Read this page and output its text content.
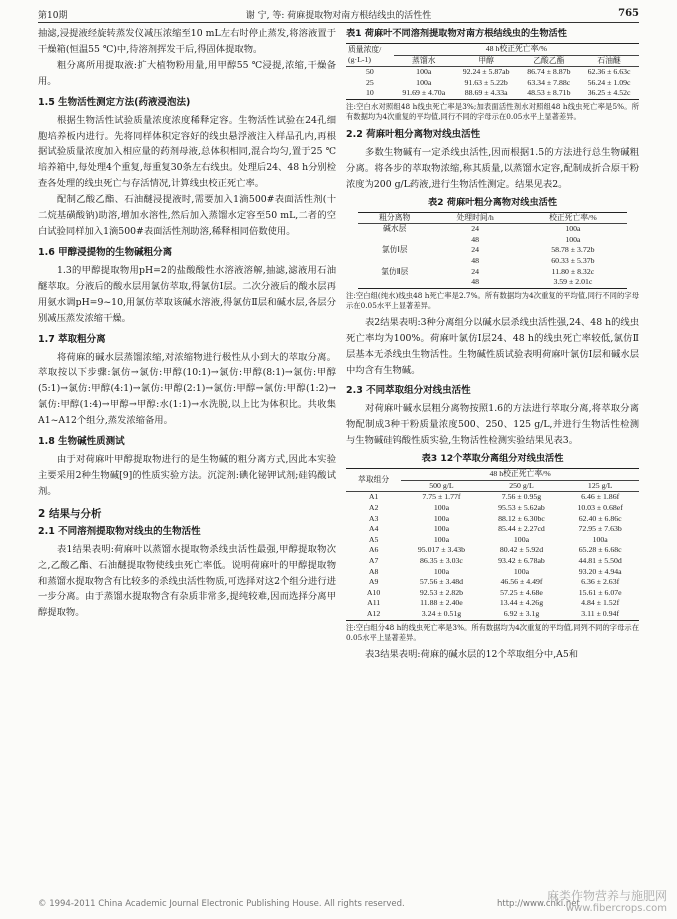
第10期	谢 宁, 等: 荷麻提取物对南方根结线虫的活性性	765

抽滤,浸提液经旋转蒸发仪减压浓缩至10 mL左右时停止蒸发,将溶液置于干燥箱(恒温55 ℃)中,待溶剂挥发干后,得固体提取物。

粗分离所用提取液:扩大植物粉用量,用甲醇55 ℃浸提,浓缩,干燥备用。

1.5 生物活性测定方法(药液浸泡法)

根据生物活性试验质量浓度浓度稀释定容。生物活性试验在24孔细胞培养板内进行。先将同样体积定容好的线虫悬浮液注入样品孔内,再根据试验质量浓度加入相应量的药剂母液,总体积相同,混合均匀,置于25 ℃培养箱中,每处理4个重复,每重复30条左右线虫。处理后24、48 h分别检查各处理的线虫死亡与存活情况,计算线虫校正死亡率。

配制乙酸乙酯、石油醚浸提液时,需要加入1滴500#表面活性剂(十二烷基磺酸钠)助溶,增加水溶性,然后加入蒸馏水定容至50 mL,二者的空白试验同样加入1滴500#表面活性剂助溶,稀释相同倍数使用。

1.6 甲醇浸提物的生物碱粗分离

1.3的甲醇提取物用pH=2的盐酸酸性水溶液溶解,抽滤,滤液用石油醚萃取。分液后的酸水层用氯仿萃取,得氯仿Ⅰ层。二次分液后的酸水层再用氨水调pH=9~10,用氯仿萃取该碱水溶液,得氯仿Ⅱ层和碱水层,各层分别减压蒸发浓缩干燥。

1.7 萃取粗分离

将荷麻的碱水层蒸馏浓缩,对浓缩物进行极性从小到大的萃取分离。萃取按以下步骤:氯仿→氯仿:甲醇(10:1)→氯仿:甲醇(8:1)→氯仿:甲醇(5:1)→氯仿:甲醇(4:1)→氯仿:甲醇(2:1)→氯仿:甲醇→氯仿:甲醇(1:2)→氯仿:甲醇(1:4)→甲醇→甲醇:水(1:1)→水洗脱,以上比为体积比。共收集A1~A12个组分,蒸发浓缩备用。

1.8 生物碱性质测试

由于对荷麻叶甲醇提取物进行的是生物碱的粗分离方式,因此本实验主要采用2种生物碱[9]的性质实验方法。沉淀剂:碘化铋钾试剂;硅钨酸试剂。

2 结果与分析
2.1 不同溶剂提取物对线虫的生物活性

表1结果表明:荷麻叶以蒸馏水提取物杀线虫活性最强,甲醇提取物次之,乙酸乙酯、石油醚提取物使线虫死亡率低。说明荷麻叶的甲醇提取物和蒸馏水提取物含有比较多的杀线虫活性物质,可选择对这2个组分进行进一步分离。由于蒸馏水提取物含有杂质非常多,提纯较难,因而选择分离甲醇提取物。

表1 荷麻叶不同溶剂提取物对南方根结线虫的生物活性
质量浓度/
(g·L-1)	48 h校正死亡率/%			
	蒸馏水	甲醇	乙酸乙酯	石油醚
50	100a	92.24 ± 5.87ab	86.74 ± 8.87b	62.36 ± 6.63c
25	100a	91.63 ± 5.22b	63.34 ± 7.88c	56.24 ± 1.09c
10	91.69 ± 4.70a	88.69 ± 4.33a	48.53 ± 8.71b	36.25 ± 4.52c

注:空白水对照组48 h线虫死亡率是3%;加表面活性剂水对照组48 h线虫死亡率是5%。所有数据均为4次重复的平均值,同行不同的字母示在0.05水平上显著差异。

2.2 荷麻叶粗分离物对线虫活性

多数生物碱有一定杀线虫活性,因而根据1.5的方法进行总生物碱粗分离。将各步的萃取物浓缩,称其质量,以蒸馏水定容,配制成折合原干粉浓度为200 g/L药液,进行生物活性测定。结果见表2。

表2 荷麻叶粗分离物对线虫活性
粗分离物	处理时间/h	校正死亡率/%
碱水层	24	100a
	48	100a
氯仿Ⅰ层	24	58.78 ± 3.72b
	48	60.33 ± 5.37b
氯仿Ⅱ层	24	11.80 ± 8.32c
	48	3.59 ± 2.01c

注:空白组(纯水)线虫48 h死亡率是2.7%。所有数据均为4次重复的平均值,同行不同的字母示在0.05水平上显著差异。

表2结果表明:3种分离组分以碱水层杀线虫活性强,24、48 h的线虫死亡率均为100%。荷麻叶氯仿Ⅰ层24、48 h的线虫死亡率较低,氯仿Ⅱ层基本无杀线虫生物活性。生物碱性质试验表明荷麻叶氯仿Ⅰ层和碱水层中均含有生物碱。

2.3 不同萃取组分对线虫活性

对荷麻叶碱水层粗分离物按照1.6的方法进行萃取分离,将萃取分离物配制成3种干粉质量浓度500、250、125 g/L,并进行生物活性检测与生物碱硅钨酸性质实验,生物活性检测实验结果见表3。

表3 12个萃取分离组分对线虫活性
萃取组分	48 h校正死亡率/%		
	500 g/L	250 g/L	125 g/L
A1	7.75 ± 1.77f	7.56 ± 0.95g	6.46 ± 1.86f
A2	100a	95.53 ± 5.62ab	10.03 ± 0.68ef
A3	100a	88.12 ± 6.30bc	62.40 ± 6.86c
A4	100a	85.44 ± 2.27cd	72.95 ± 7.63b
A5	100a	100a	100a
A6	95.017 ± 3.43b	80.42 ± 5.92d	65.28 ± 6.68c
A7	86.35 ± 3.03c	93.42 ± 6.78ab	44.81 ± 5.50d
A8	100a	100a	93.20 ± 4.94a
A9	57.56 ± 3.48d	46.56 ± 4.49f	6.36 ± 2.63f
A10	92.53 ± 2.82b	57.25 ± 4.68e	15.61 ± 6.07e
A11	11.88 ± 2.40e	13.44 ± 4.26g	4.84 ± 1.52f
A12	3.24 ± 0.51g	6.92 ± 3.1g	3.11 ± 0.94f

注:空白组分48 h的线虫死亡率是3%。所有数据均为4次重复的平均值,同列不同的字母示在0.05水平上显著差异。

表3结果表明:荷麻的碱水层的12个萃取组分中,A5和

© 1994-2011 China Academic Journal Electronic Publishing House. All rights reserved.	http://www.cnki.net
麻类作物营养与施肥网
www.fibercrops.com
